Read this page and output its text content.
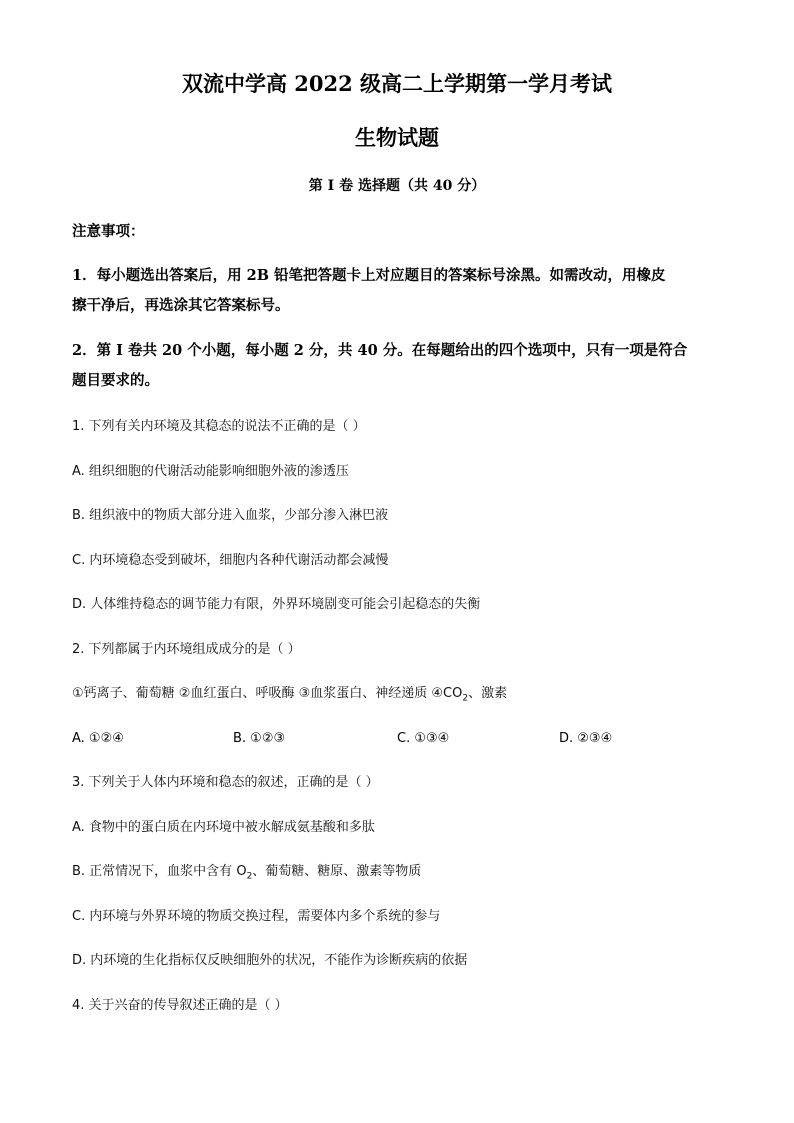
双流中学高 2022 级高二上学期第一学月考试
生物试题
第 I 卷 选择题（共 40 分）
注意事项：
1．每小题选出答案后，用 2B 铅笔把答题卡上对应题目的答案标号涂黑。如需改动，用橡皮
擦干净后，再选涂其它答案标号。
2．第 I 卷共 20 个小题，每小题 2 分，共 40 分。在每题给出的四个选项中，只有一项是符合
题目要求的。
1. 下列有关内环境及其稳态的说法不正确的是（ ）
A. 组织细胞的代谢活动能影响细胞外液的渗透压
B. 组织液中的物质大部分进入血浆，少部分渗入淋巴液
C. 内环境稳态受到破坏，细胞内各种代谢活动都会减慢
D. 人体维持稳态的调节能力有限，外界环境剧变可能会引起稳态的失衡
2. 下列都属于内环境组成成分的是（ ）
①钙离子、葡萄糖 ②血红蛋白、呼吸酶 ③血浆蛋白、神经递质 $④CO_2$、激素
A. ①②④	B. ①②③	C. ①③④	D. ②③④
3. 下列关于人体内环境和稳态的叙述，正确的是（ ）
A. 食物中的蛋白质在内环境中被水解成氨基酸和多肽
B. 正常情况下，血浆中含有 $O_2$、葡萄糖、糖原、激素等物质
C. 内环境与外界环境的物质交换过程，需要体内多个系统的参与
D. 内环境的生化指标仅反映细胞外的状况，不能作为诊断疾病的依据
4. 关于兴奋的传导叙述正确的是（ ）
